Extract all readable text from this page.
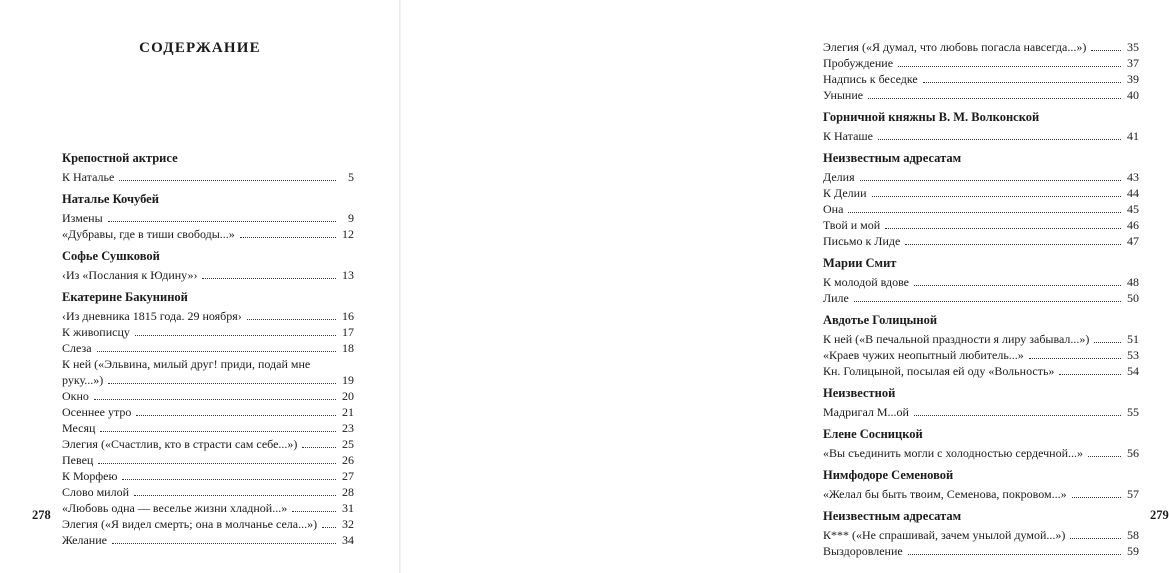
СОДЕРЖАНИЕ
Крепостной актрисе
К Наталье	5
Наталье Кочубей
Измены	9
«Дубравы, где в тиши свободы...»	12
Софье Сушковой
‹Из «Послания к Юдину»›	13
Екатерине Бакуниной
‹Из дневника 1815 года. 29 ноября›	16
К живописцу	17
Слеза	18
К ней («Эльвина, милый друг! приди, подай мне
руку...»)	19
Окно	20
Осеннее утро	21
Месяц	23
Элегия («Счастлив, кто в страсти сам себе...»)	25
Певец	26
К Морфею	27
Слово милой	28
«Любовь одна — веселье жизни хладной...»	31
Элегия («Я видел смерть; она в молчанье села...») 32
Желание	34
278
Элегия («Я думал, что любовь погасла навсегда...»)	35
Пробуждение	37
Надпись к беседке	39
Уныние	40
Горничной княжны В. М. Волконской
К Наташе	41
Неизвестным адресатам
Делия	43
К Делии	44
Она	45
Твой и мой	46
Письмо к Лиде	47
Марии Смит
К молодой вдове	48
Лиле	50
Авдотье Голицыной
К ней («В печальной праздности я лиру забывал...»)	51
«Краев чужих неопытный любитель...»	53
Кн. Голицыной, посылая ей оду «Вольность»	54
Неизвестной
Мадригал М...ой	55
Елене Сосницкой
«Вы съединить могли с холодностью сердечной...»	56
Нимфодоре Семеновой
«Желал бы быть твоим, Семенова, покровом...»	57
Неизвестным адресатам
К*** («Не спрашивай, зачем унылой думой...»)	58
Выздоровление	59
279
